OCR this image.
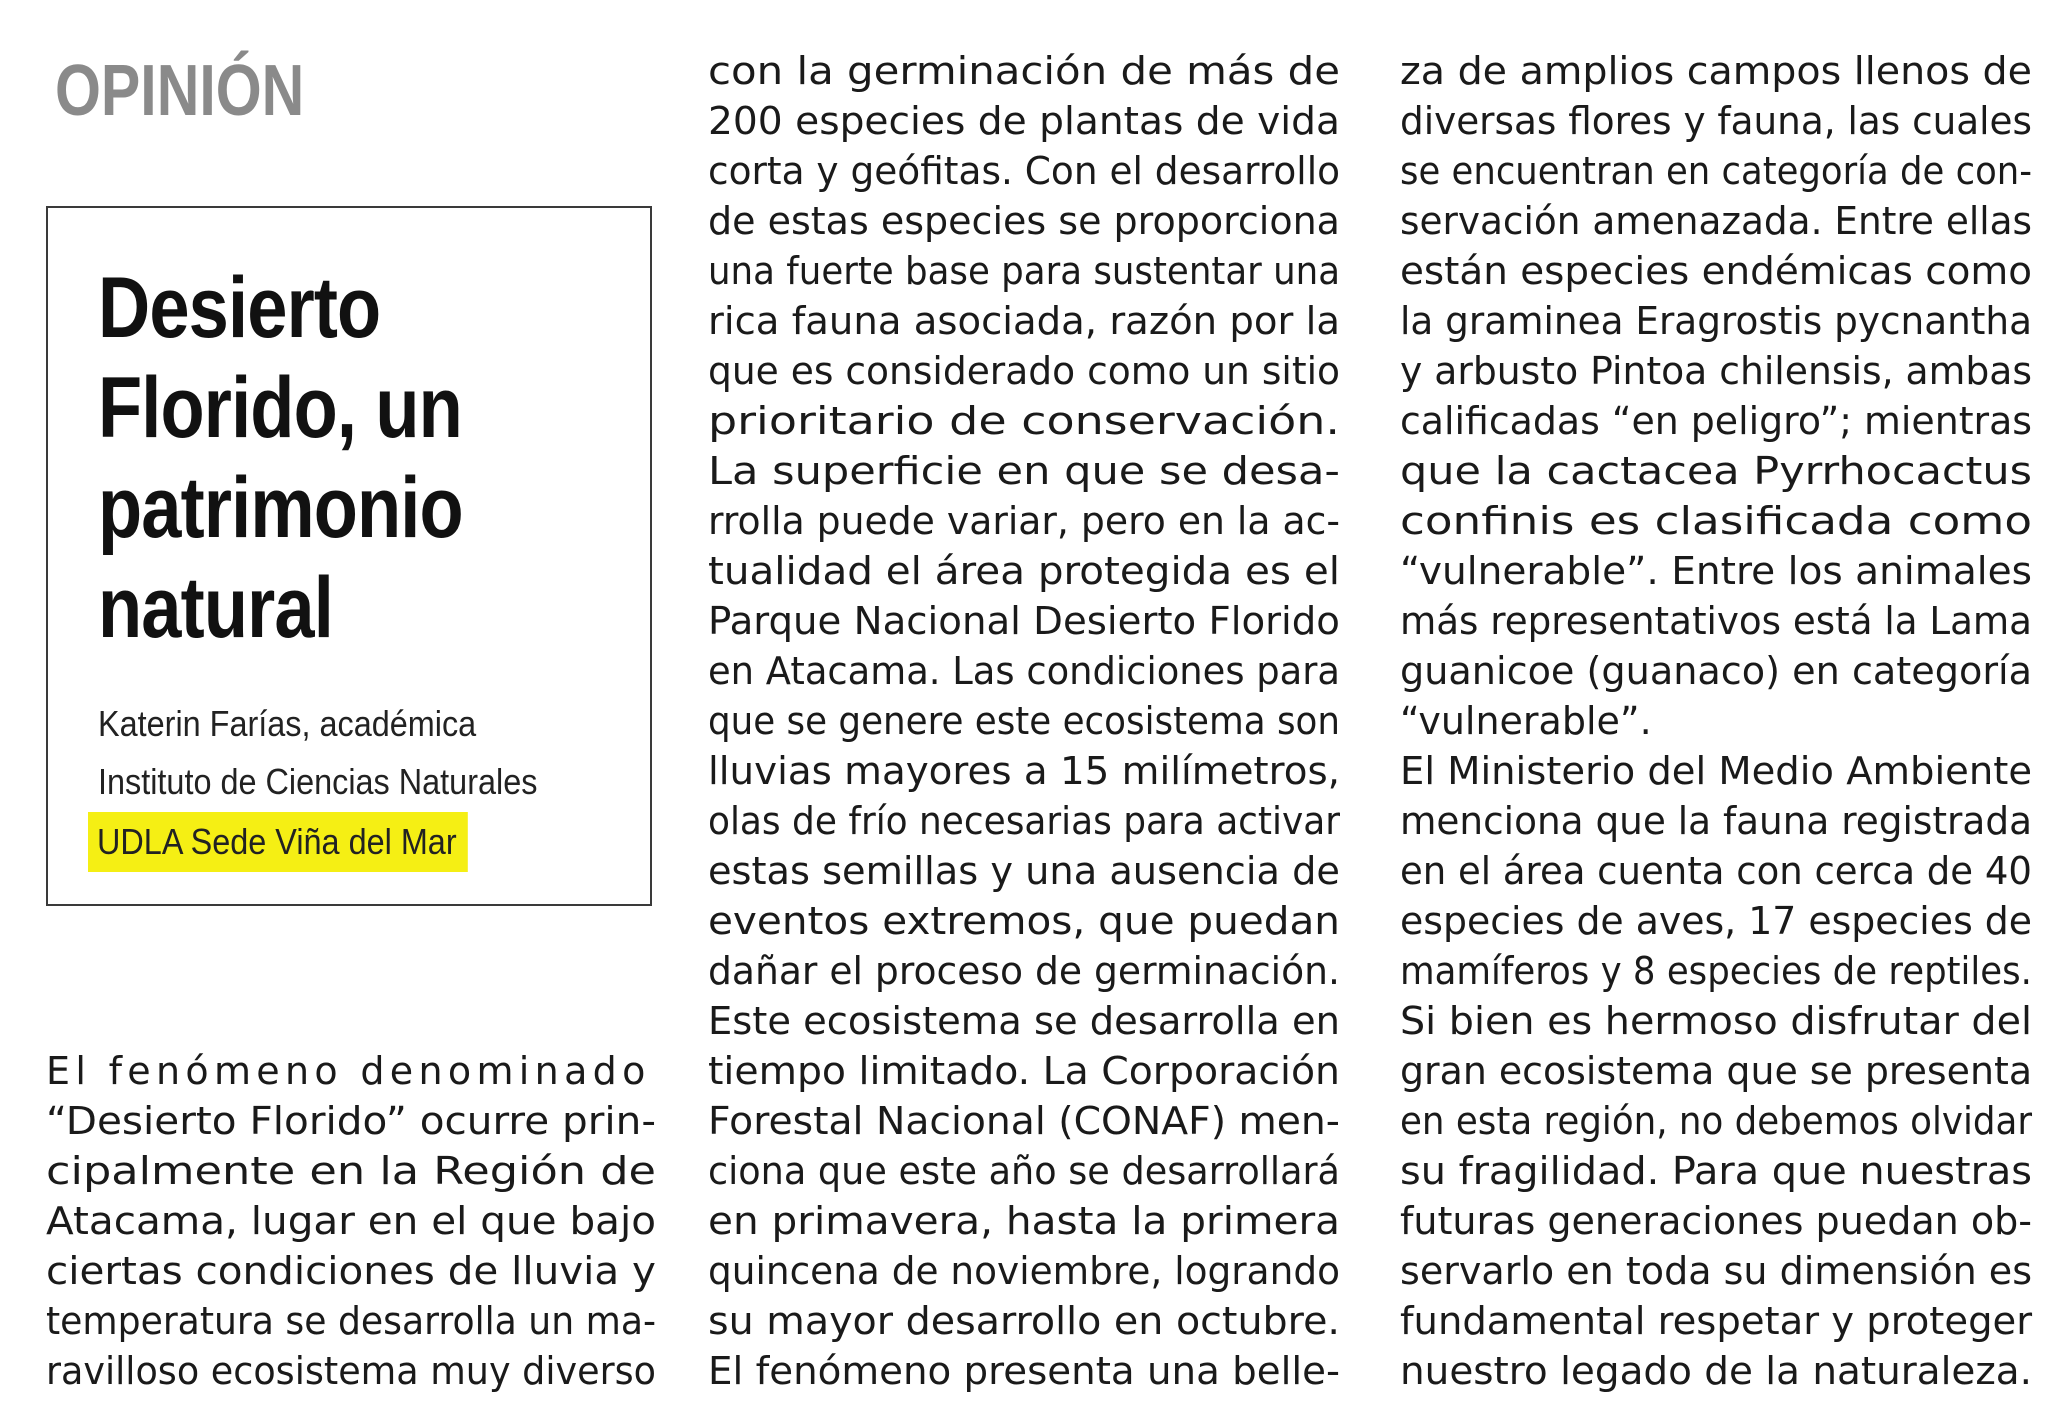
OPINIÓN
Desierto
Florido, un
patrimonio
natural
Katerin Farías, académica
Instituto de Ciencias Naturales
UDLA Sede Viña del Mar
El fenómeno denominado
“Desierto Florido” ocurre prin-
cipalmente en la Región de
Atacama, lugar en el que bajo
ciertas condiciones de lluvia y
temperatura se desarrolla un ma-
ravilloso ecosistema muy diverso
con la germinación de más de
200 especies de plantas de vida
corta y geófitas. Con el desarrollo
de estas especies se proporciona
una fuerte base para sustentar una
rica fauna asociada, razón por la
que es considerado como un sitio
prioritario de conservación.
La superficie en que se desa-
rrolla puede variar, pero en la ac-
tualidad el área protegida es el
Parque Nacional Desierto Florido
en Atacama. Las condiciones para
que se genere este ecosistema son
lluvias mayores a 15 milímetros,
olas de frío necesarias para activar
estas semillas y una ausencia de
eventos extremos, que puedan
dañar el proceso de germinación.
Este ecosistema se desarrolla en
tiempo limitado. La Corporación
Forestal Nacional (CONAF) men-
ciona que este año se desarrollará
en primavera, hasta la primera
quincena de noviembre, logrando
su mayor desarrollo en octubre.
El fenómeno presenta una belle-
za de amplios campos llenos de
diversas flores y fauna, las cuales
se encuentran en categoría de con-
servación amenazada. Entre ellas
están especies endémicas como
la graminea Eragrostis pycnantha
y arbusto Pintoa chilensis, ambas
calificadas “en peligro”; mientras
que la cactacea Pyrrhocactus
confinis es clasificada como
“vulnerable”. Entre los animales
más representativos está la Lama
guanicoe (guanaco) en categoría
“vulnerable”.
El Ministerio del Medio Ambiente
menciona que la fauna registrada
en el área cuenta con cerca de 40
especies de aves, 17 especies de
mamíferos y 8 especies de reptiles.
Si bien es hermoso disfrutar del
gran ecosistema que se presenta
en esta región, no debemos olvidar
su fragilidad. Para que nuestras
futuras generaciones puedan ob-
servarlo en toda su dimensión es
fundamental respetar y proteger
nuestro legado de la naturaleza.
